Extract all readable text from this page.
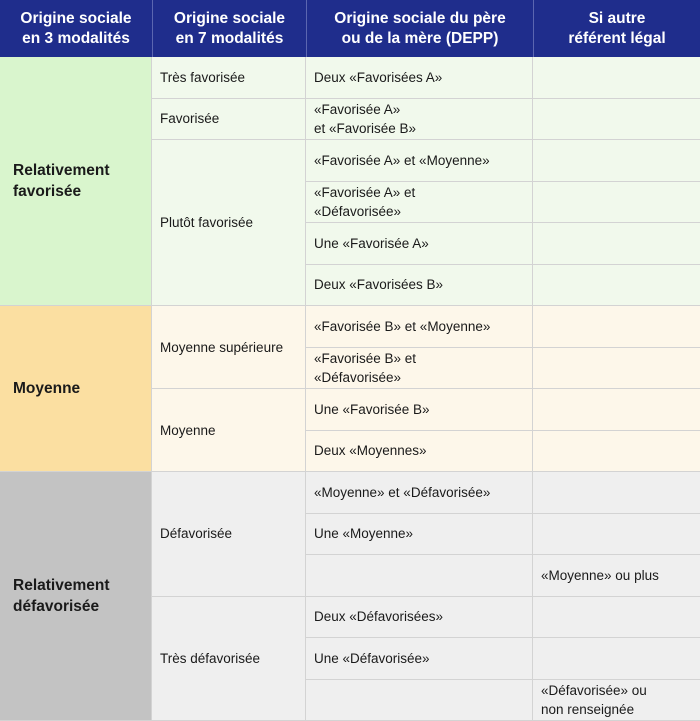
Origine sociale
en 3 modalités
Origine sociale
en 7 modalités
Origine sociale du père
ou de la mère (DEPP)
Si autre
référent légal
Relativement
favorisée
Très favorisée	Deux «Favorisées A»
Favorisée
«Favorisée A»
et «Favorisée B»
Plutôt favorisée
«Favorisée A» et «Moyenne»
«Favorisée A» et
«Défavorisée»
Une «Favorisée A»
Deux «Favorisées B»
Moyenne
Moyenne supérieure
«Favorisée B» et «Moyenne»
«Favorisée B» et
«Défavorisée»
Moyenne
Une «Favorisée B»
Deux «Moyennes»
Relativement
défavorisée
Défavorisée
«Moyenne» et «Défavorisée»
Une «Moyenne»
«Moyenne» ou plus
Très défavorisée
Deux «Défavorisées»
Une «Défavorisée»
«Défavorisée» ou
non renseignée
